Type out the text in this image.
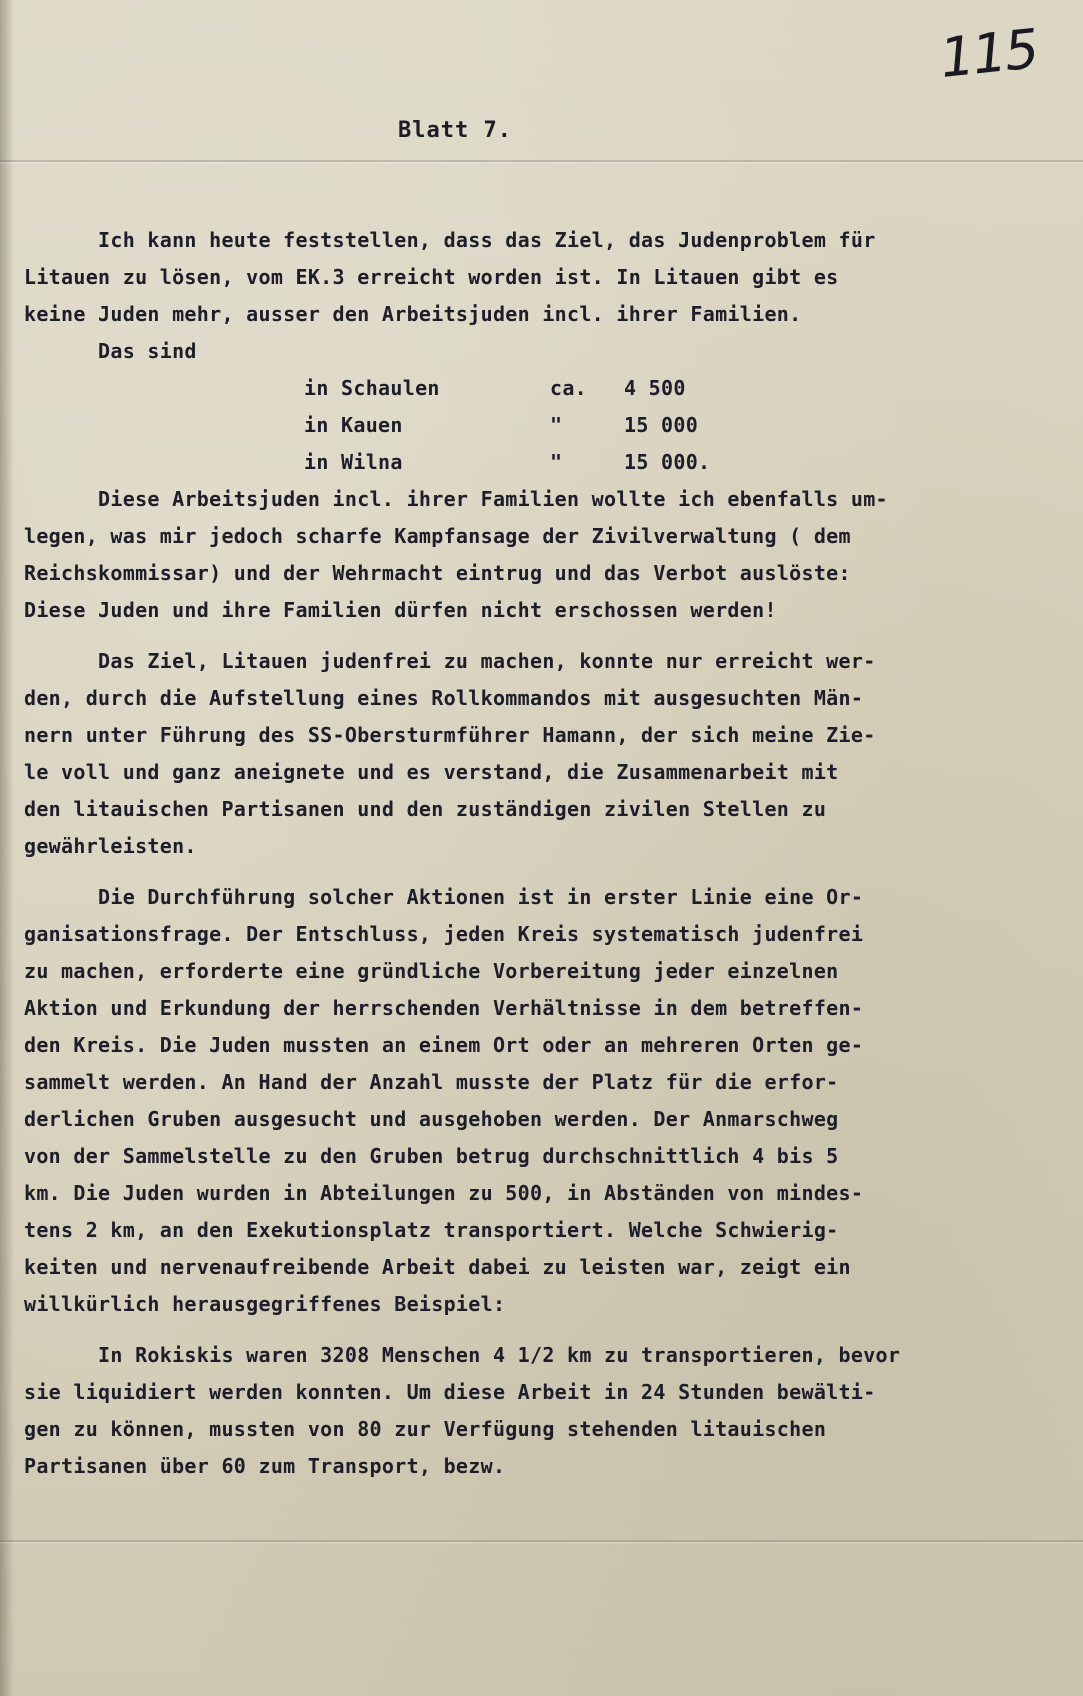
115
Blatt 7.
Ich kann heute feststellen, dass das Ziel, das Judenproblem für
Litauen zu lösen, vom EK.3 erreicht worden ist. In Litauen gibt es
keine Juden mehr, ausser den Arbeitsjuden incl. ihrer Familien.
Das sind
in Schaulen	ca. 4 500
in Kauen	"	15 000
in Wilna	"	15 000.
Diese Arbeitsjuden incl. ihrer Familien wollte ich ebenfalls um-
legen, was mir jedoch scharfe Kampfansage der Zivilverwaltung ( dem
Reichskommissar) und der Wehrmacht eintrug und das Verbot auslöste:
Diese Juden und ihre Familien dürfen nicht erschossen werden!
Das Ziel, Litauen judenfrei zu machen, konnte nur erreicht wer-
den, durch die Aufstellung eines Rollkommandos mit ausgesuchten Män-
nern unter Führung des SS-Obersturmführer Hamann, der sich meine Zie-
le voll und ganz aneignete und es verstand, die Zusammenarbeit mit
den litauischen Partisanen und den zuständigen zivilen Stellen zu
gewährleisten.
Die Durchführung solcher Aktionen ist in erster Linie eine Or-
ganisationsfrage. Der Entschluss, jeden Kreis systematisch judenfrei
zu machen, erforderte eine gründliche Vorbereitung jeder einzelnen
Aktion und Erkundung der herrschenden Verhältnisse in dem betreffen-
den Kreis. Die Juden mussten an einem Ort oder an mehreren Orten ge-
sammelt werden. An Hand der Anzahl musste der Platz für die erfor-
derlichen Gruben ausgesucht und ausgehoben werden. Der Anmarschweg
von der Sammelstelle zu den Gruben betrug durchschnittlich 4 bis 5
km. Die Juden wurden in Abteilungen zu 500, in Abständen von mindes-
tens 2 km, an den Exekutionsplatz transportiert. Welche Schwierig-
keiten und nervenaufreibende Arbeit dabei zu leisten war, zeigt ein
willkürlich herausgegriffenes Beispiel:
In Rokiskis waren 3208 Menschen 4 1/2 km zu transportieren, bevor
sie liquidiert werden konnten. Um diese Arbeit in 24 Stunden bewälti-
gen zu können, mussten von 80 zur Verfügung stehenden litauischen
Partisanen über 60 zum Transport, bezw.
